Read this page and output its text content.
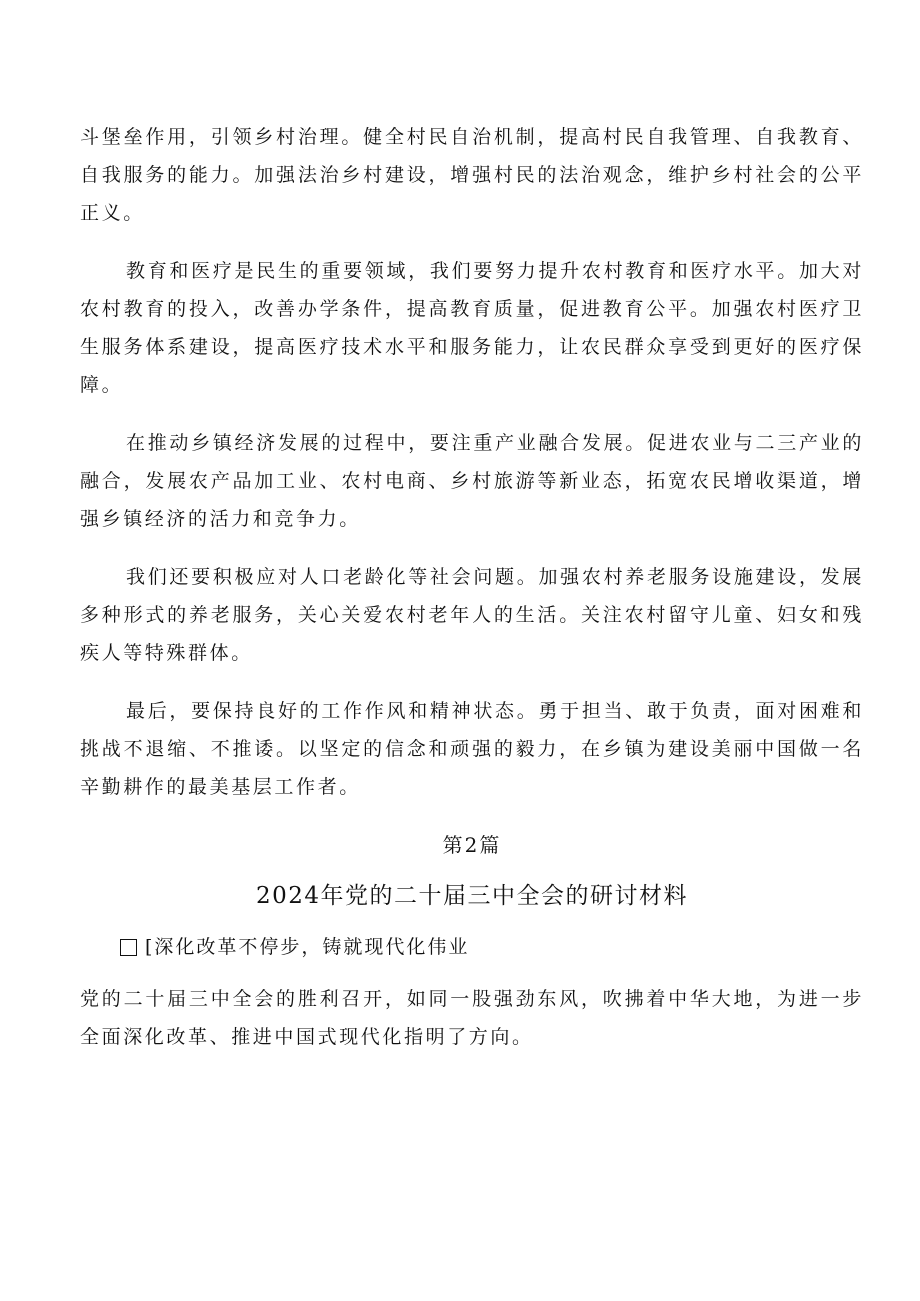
斗堡垒作用，引领乡村治理。健全村民自治机制，提高村民自我管理、自我教育、自我服务的能力。加强法治乡村建设，增强村民的法治观念，维护乡村社会的公平正义。

教育和医疗是民生的重要领域，我们要努力提升农村教育和医疗水平。加大对农村教育的投入，改善办学条件，提高教育质量，促进教育公平。加强农村医疗卫生服务体系建设，提高医疗技术水平和服务能力，让农民群众享受到更好的医疗保障。

在推动乡镇经济发展的过程中，要注重产业融合发展。促进农业与二三产业的融合，发展农产品加工业、农村电商、乡村旅游等新业态，拓宽农民增收渠道，增强乡镇经济的活力和竞争力。

我们还要积极应对人口老龄化等社会问题。加强农村养老服务设施建设，发展多种形式的养老服务，关心关爱农村老年人的生活。关注农村留守儿童、妇女和残疾人等特殊群体。

最后，要保持良好的工作作风和精神状态。勇于担当、敢于负责，面对困难和挑战不退缩、不推诿。以坚定的信念和顽强的毅力，在乡镇为建设美丽中国做一名辛勤耕作的最美基层工作者。

第2篇
2024年党的二十届三中全会的研讨材料
[深化改革不停步，铸就现代化伟业

党的二十届三中全会的胜利召开，如同一股强劲东风，吹拂着中华大地，为进一步全面深化改革、推进中国式现代化指明了方向。
